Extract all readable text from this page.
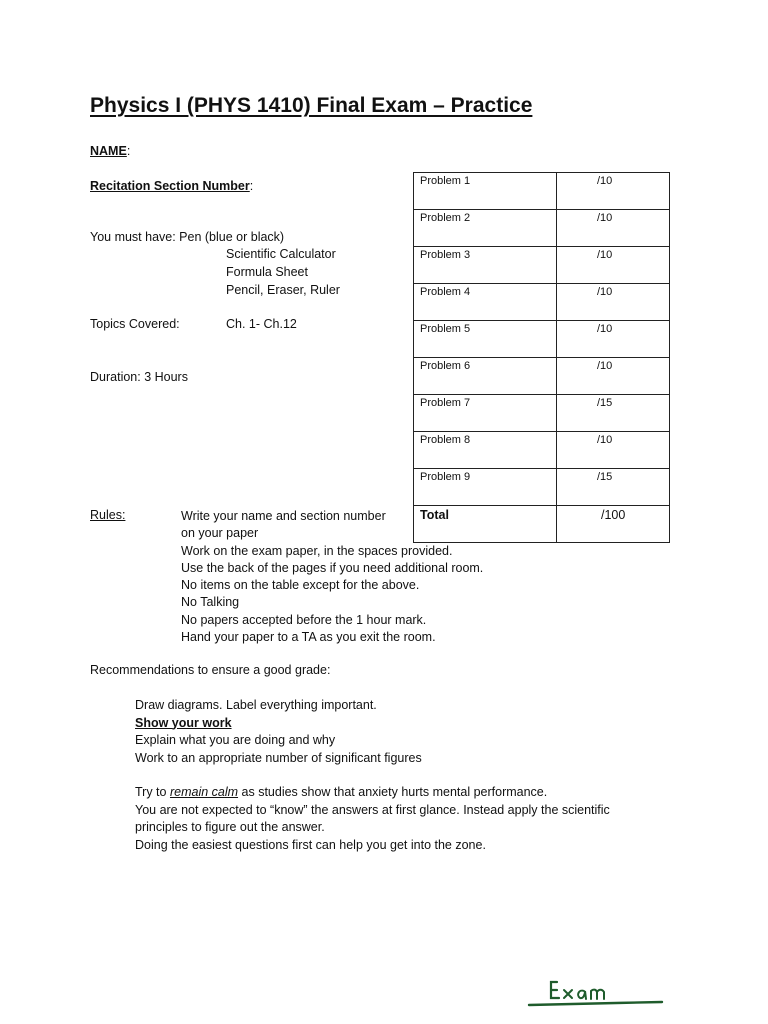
Physics I (PHYS 1410) Final Exam – Practice
NAME:
Recitation Section Number:
You must have: Pen (blue or black)
Scientific Calculator
Formula Sheet
Pencil, Eraser, Ruler
Topics Covered:	Ch. 1- Ch.12
Duration: 3 Hours
Problem 1	/10
Problem 2	/10
Problem 3	/10
Problem 4	/10
Problem 5	/10
Problem 6	/10
Problem 7	/15
Problem 8	/10
Problem 9	/15
Total	/100
Rules:	Write your name and section number
on your paper
Work on the exam paper, in the spaces provided.
Use the back of the pages if you need additional room.
No items on the table except for the above.
No Talking
No papers accepted before the 1 hour mark.
Hand your paper to a TA as you exit the room.
Recommendations to ensure a good grade:
Draw diagrams. Label everything important.
Show your work
Explain what you are doing and why
Work to an appropriate number of significant figures
Try to remain calm as studies show that anxiety hurts mental performance.
You are not expected to “know” the answers at first glance. Instead apply the scientific
principles to figure out the answer.
Doing the easiest questions first can help you get into the zone.
